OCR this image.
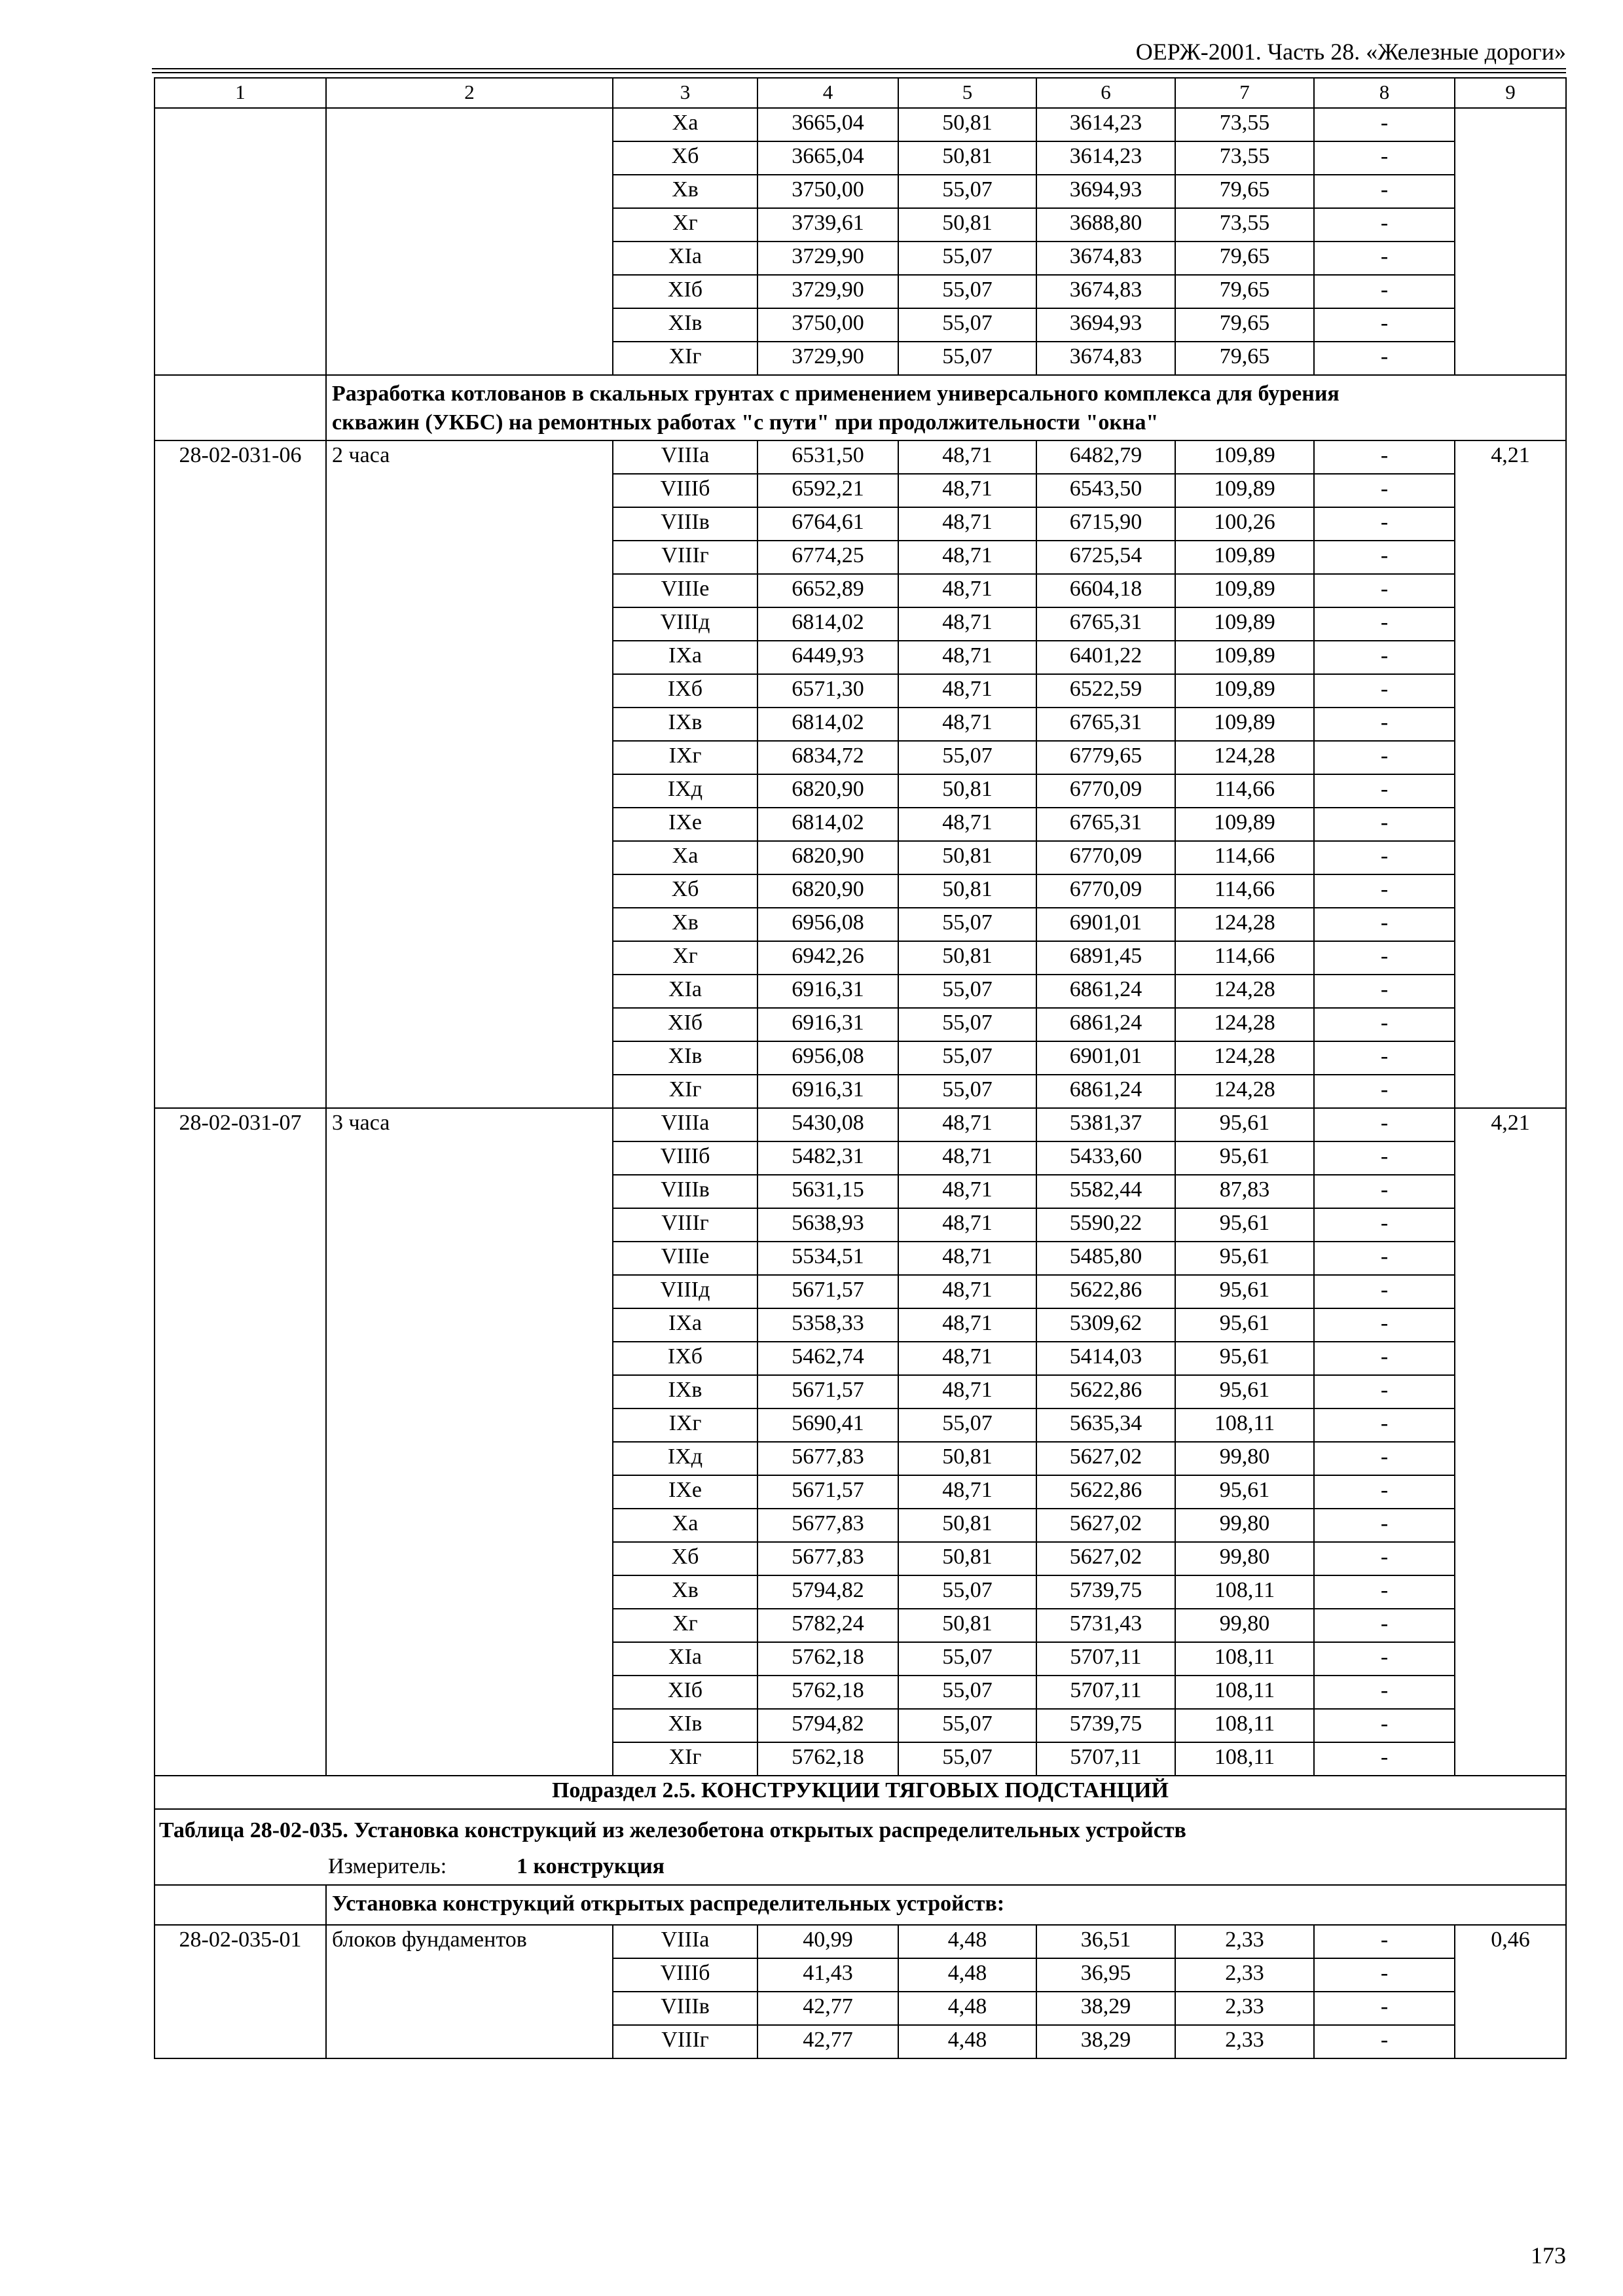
ОЕРЖ-2001. Часть 28. «Железные дороги»
1	2	3	4	5	6	7	8	9
		Xa	3665,04	50,81	3614,23	73,55	-	
		Xб	3665,04	50,81	3614,23	73,55	-	
		Xв	3750,00	55,07	3694,93	79,65	-	
		Xг	3739,61	50,81	3688,80	73,55	-	
		XIа	3729,90	55,07	3674,83	79,65	-	
		XIб	3729,90	55,07	3674,83	79,65	-	
		XIв	3750,00	55,07	3694,93	79,65	-	
		XIг	3729,90	55,07	3674,83	79,65	-	

	Разработка котлованов в скальных грунтах с применением универсального комплекса для бурения
скважин (УКБС) на ремонтных работах "с пути" при продолжительности "окна"							

28-02-031-06	2 часа	VIIIа	6531,50	48,71	6482,79	109,89	-	4,21
		VIIIб	6592,21	48,71	6543,50	109,89	-	
		VIIIв	6764,61	48,71	6715,90	100,26	-	
		VIIIг	6774,25	48,71	6725,54	109,89	-	
		VIIIе	6652,89	48,71	6604,18	109,89	-	
		VIIIд	6814,02	48,71	6765,31	109,89	-	
		IXа	6449,93	48,71	6401,22	109,89	-	
		IXб	6571,30	48,71	6522,59	109,89	-	
		IXв	6814,02	48,71	6765,31	109,89	-	
		IXг	6834,72	55,07	6779,65	124,28	-	
		IXд	6820,90	50,81	6770,09	114,66	-	
		IXе	6814,02	48,71	6765,31	109,89	-	
		Xa	6820,90	50,81	6770,09	114,66	-	
		Xб	6820,90	50,81	6770,09	114,66	-	
		Xв	6956,08	55,07	6901,01	124,28	-	
		Xг	6942,26	50,81	6891,45	114,66	-	
		XIа	6916,31	55,07	6861,24	124,28	-	
		XIб	6916,31	55,07	6861,24	124,28	-	
		XIв	6956,08	55,07	6901,01	124,28	-	
		XIг	6916,31	55,07	6861,24	124,28	-	
28-02-031-07	3 часа	VIIIа	5430,08	48,71	5381,37	95,61	-	4,21
		VIIIб	5482,31	48,71	5433,60	95,61	-	
		VIIIв	5631,15	48,71	5582,44	87,83	-	
		VIIIг	5638,93	48,71	5590,22	95,61	-	
		VIIIе	5534,51	48,71	5485,80	95,61	-	
		VIIIд	5671,57	48,71	5622,86	95,61	-	
		IXа	5358,33	48,71	5309,62	95,61	-	
		IXб	5462,74	48,71	5414,03	95,61	-	
		IXв	5671,57	48,71	5622,86	95,61	-	
		IXг	5690,41	55,07	5635,34	108,11	-	
		IXд	5677,83	50,81	5627,02	99,80	-	
		IXе	5671,57	48,71	5622,86	95,61	-	
		Xa	5677,83	50,81	5627,02	99,80	-	
		Xб	5677,83	50,81	5627,02	99,80	-	
		Xв	5794,82	55,07	5739,75	108,11	-	
		Xг	5782,24	50,81	5731,43	99,80	-	
		XIа	5762,18	55,07	5707,11	108,11	-	
		XIб	5762,18	55,07	5707,11	108,11	-	
		XIв	5794,82	55,07	5739,75	108,11	-	
		XIг	5762,18	55,07	5707,11	108,11	-	
Подраздел 2.5. КОНСТРУКЦИИ ТЯГОВЫХ ПОДСТАНЦИЙ								
Таблица 28-02-035. Установка конструкций из железобетона открытых распределительных устройств								
Измеритель: 1 конструкция								

	Установка конструкций открытых распределительных устройств:							

28-02-035-01	блоков фундаментов	VIIIа	40,99	4,48	36,51	2,33	-	0,46
		VIIIб	41,43	4,48	36,95	2,33	-	
		VIIIв	42,77	4,48	38,29	2,33	-	
		VIIIг	42,77	4,48	38,29	2,33	-	
173
